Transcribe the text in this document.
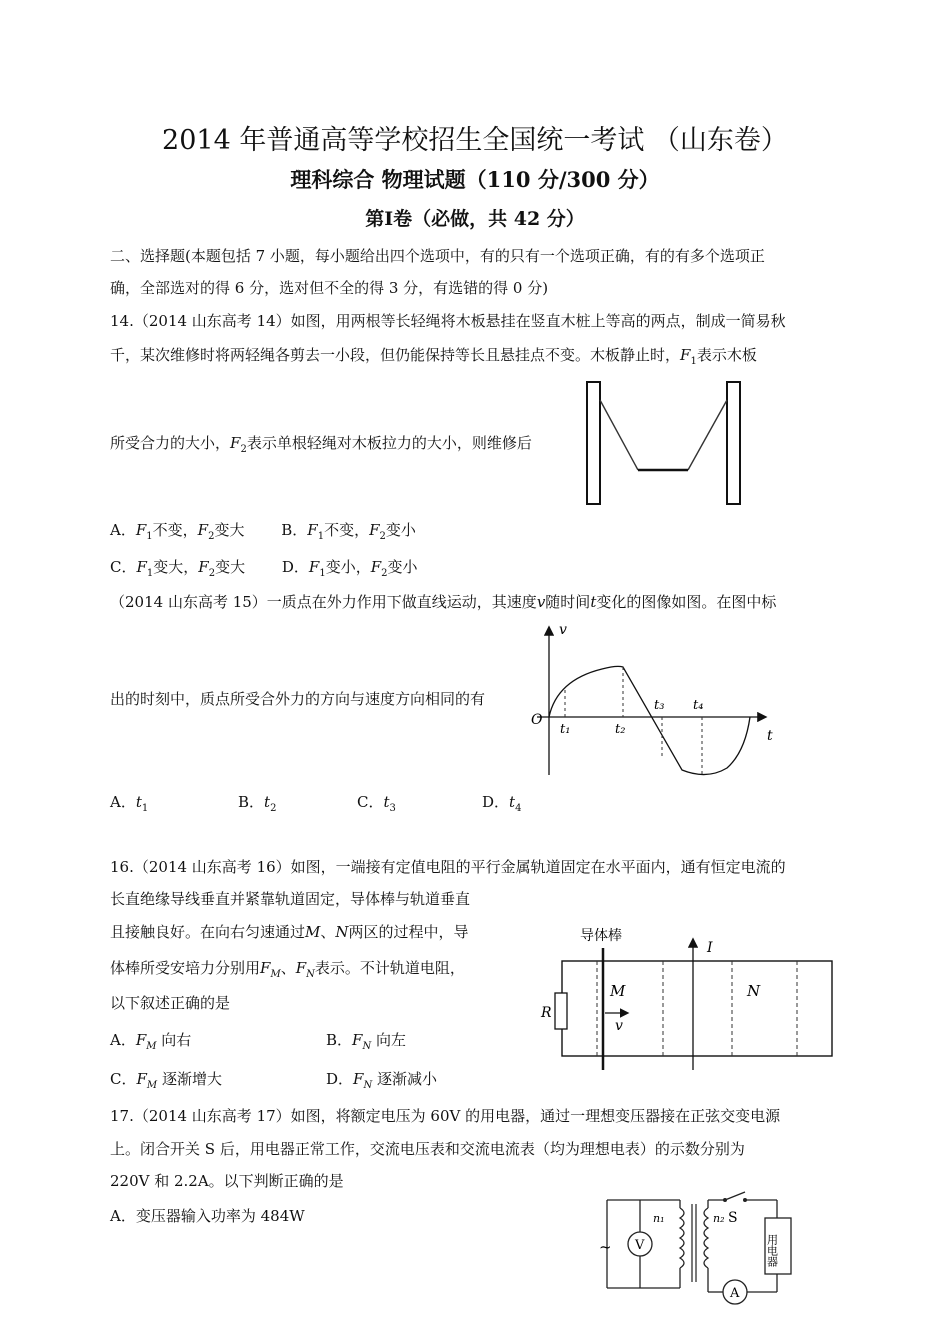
2014 年普通高等学校招生全国统一考试 （山东卷）
理科综合 物理试题（110 分/300 分）
第I卷（必做，共 42 分）
二、选择题(本题包括 7 小题，每小题给出四个选项中，有的只有一个选项正确，有的有多个选项正
确，全部选对的得 6 分，选对但不全的得 3 分，有选错的得 0 分)
14.（2014 山东高考 14）如图，用两根等长轻绳将木板悬挂在竖直木桩上等高的两点，制成一简易秋
千，某次维修时将两轻绳各剪去一小段，但仍能保持等长且悬挂点不变。木板静止时，$F_1$表示木板
所受合力的大小，$F_2$表示单根轻绳对木板拉力的大小，则维修后
A．$F_1$不变，$F_2$变大 B．$F_1$不变，$F_2$变小
C．$F_1$变大，$F_2$变大 D．$F_1$变小，$F_2$变小
（2014 山东高考 15）一质点在外力作用下做直线运动，其速度v随时间t变化的图像如图。在图中标
出的时刻中，质点所受合外力的方向与速度方向相同的有
v
t
O
t₁	t₂
t₃ t₄
A．$t_1$	B．$t_2$	C．$t_3$	D．$t_4$
16.（2014 山东高考 16）如图，一端接有定值电阻的平行金属轨道固定在水平面内，通有恒定电流的
长直绝缘导线垂直并紧靠轨道固定，导体棒与轨道垂直
且接触良好。在向右匀速通过M、N两区的过程中，导
体棒所受安培力分别用$F_M$、$F_N$表示。不计轨道电阻，
以下叙述正确的是
R
I
导体棒
M	N
v
A．$F_M$ 向右	B．$F_N$ 向左
C．$F_M$ 逐渐增大	D．$F_N$ 逐渐减小
17.（2014 山东高考 17）如图，将额定电压为 60V 的用电器，通过一理想变压器接在正弦交变电源
上。闭合开关 S 后，用电器正常工作，交流电压表和交流电流表（均为理想电表）的示数分别为
220V 和 2.2A。以下判断正确的是
A．变压器输入功率为 484W
~ V
n₁	n₂ S
用电器
A
